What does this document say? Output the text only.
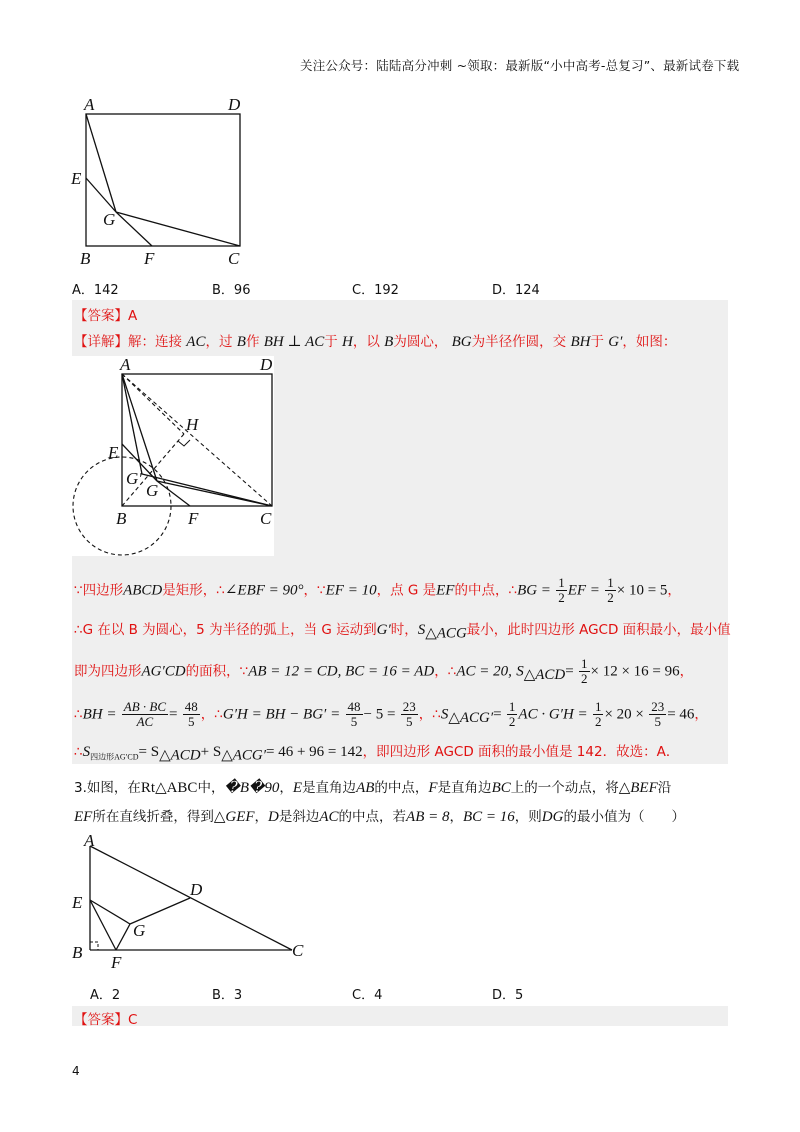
关注公众号：陆陆高分冲刺 ~领取：最新版“小中高考-总复习”、最新试卷下载
A	D
E
G
B	F	C
A．142	B．96	C．192	D．124
【答案】A
【详解】解：连接 AC，过 B作 BH ⊥ AC于 H，以 B为圆心， BG为半径作圆，交 BH于 G′，如图：
A	D
H
E
G′
G
B	F	C
∵四边形ABCD是矩形，∴∠EBF = 90°，∵EF = 10，点 G 是EF的中点，∴BG = $\frac{1}{2}$ EF = $\frac{1}{2} \times 10 = 5$，
∴G 在以 B 为圆心，5 为半径的弧上，当 G 运动到G′时，$S_{\triangle ACG}$最小，此时四边形 AGCD 面积最小，最小值
即为四边形AG′CD的面积，∵AB = 12 = CD, BC = 16 = AD，∴AC = 20, $S_{\triangle ACD}= \frac{1}{2} \times 12 \times 16 = 96$，
∴BH = $\frac{AB \cdot BC}{AC} = \frac{48}{5}$ ，∴G′H = BH − $BG' = \frac{48}{5} - 5 = \frac{23}{5}$ ，$\therefore S_{\triangle ACG'}= \frac{1}{2}$ AC · $G'H = \frac{1}{2} \times 20 \times \frac{23}{5} = 46$，
$\therefore S_{四边形AG'CD}= S_{\triangle ACD}+ S_{\triangle ACG'}= 46 + 96 = 142$，即四边形 AGCD 面积的最小值是 142．故选：A．
3.如图，在Rt△ABC中，�B�90，E是直角边AB的中点，F是直角边BC上的一个动点，将△BEF沿
EF所在直线折叠，得到△GEF，D是斜边AC的中点，若AB = 8，BC = 16，则DG的最小值为（　　）
A
D
E
G
B
F
C
A．2	B．3	C．4	D．5
【答案】C
4
